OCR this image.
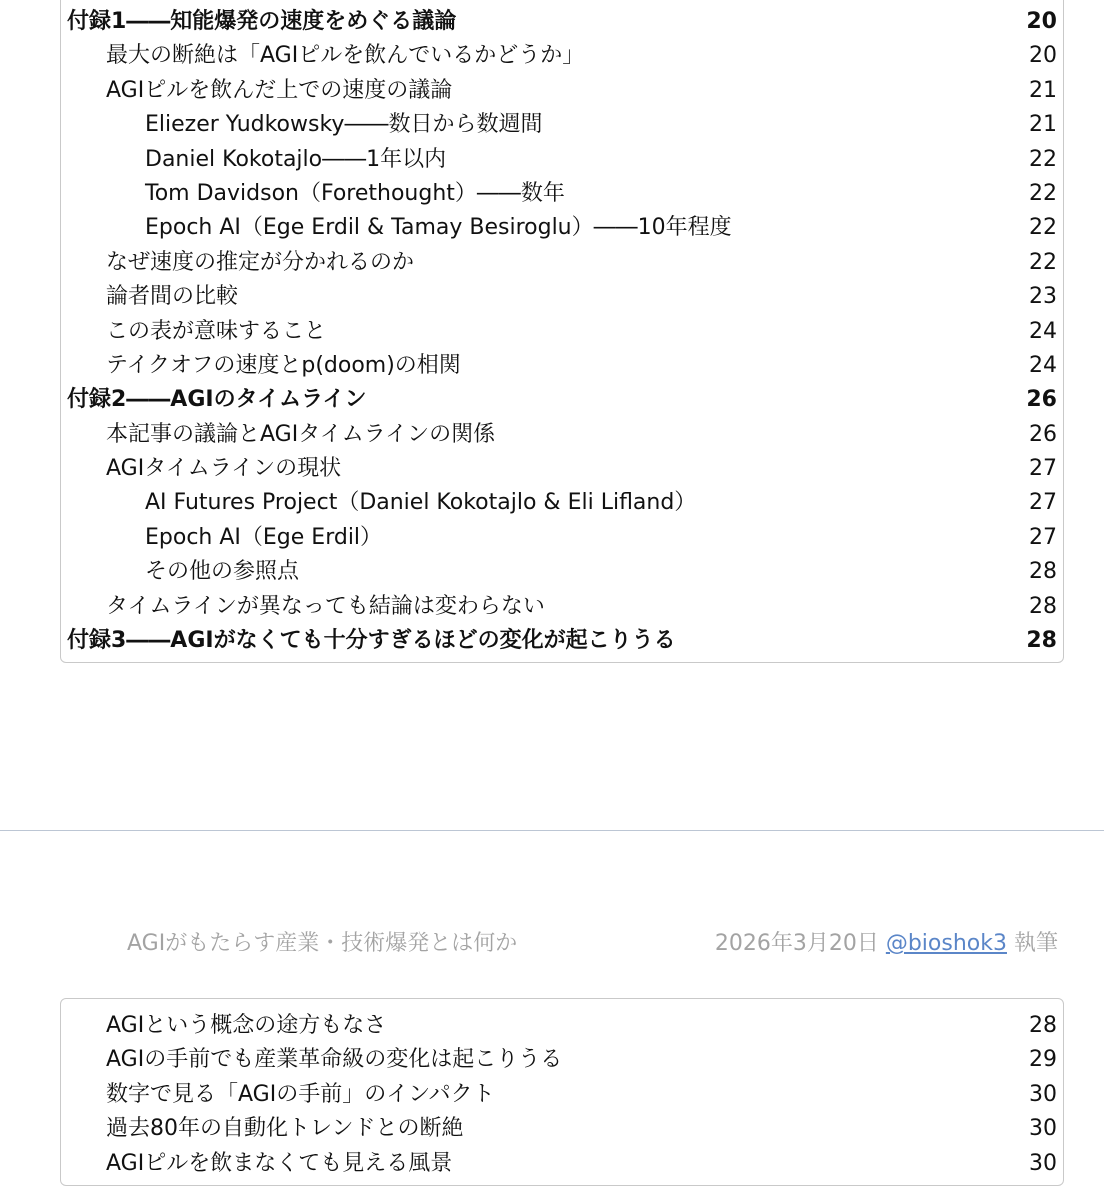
付録1――知能爆発の速度をめぐる議論	20
最大の断絶は「AGIピルを飲んでいるかどうか」	20
AGIピルを飲んだ上での速度の議論	21
Eliezer Yudkowsky――数日から数週間	21
Daniel Kokotajlo――1年以内	22
Tom Davidson（Forethought）――数年	22
Epoch AI（Ege Erdil & Tamay Besiroglu）――10年程度	22
なぜ速度の推定が分かれるのか	22
論者間の比較	23
この表が意味すること	24
テイクオフの速度とp(doom)の相関	24
付録2――AGIのタイムライン	26
本記事の議論とAGIタイムラインの関係	26
AGIタイムラインの現状	27
AI Futures Project（Daniel Kokotajlo & Eli Lifland）	27
Epoch AI（Ege Erdil）	27
その他の参照点	28
タイムラインが異なっても結論は変わらない	28
付録3――AGIがなくても十分すぎるほどの変化が起こりうる	28
AGIがもたらす産業・技術爆発とは何か	2026年3月20日 @bioshok3 執筆
AGIという概念の途方もなさ	28
AGIの手前でも産業革命級の変化は起こりうる	29
数字で見る「AGIの手前」のインパクト	30
過去80年の自動化トレンドとの断絶	30
AGIピルを飲まなくても見える風景	30
